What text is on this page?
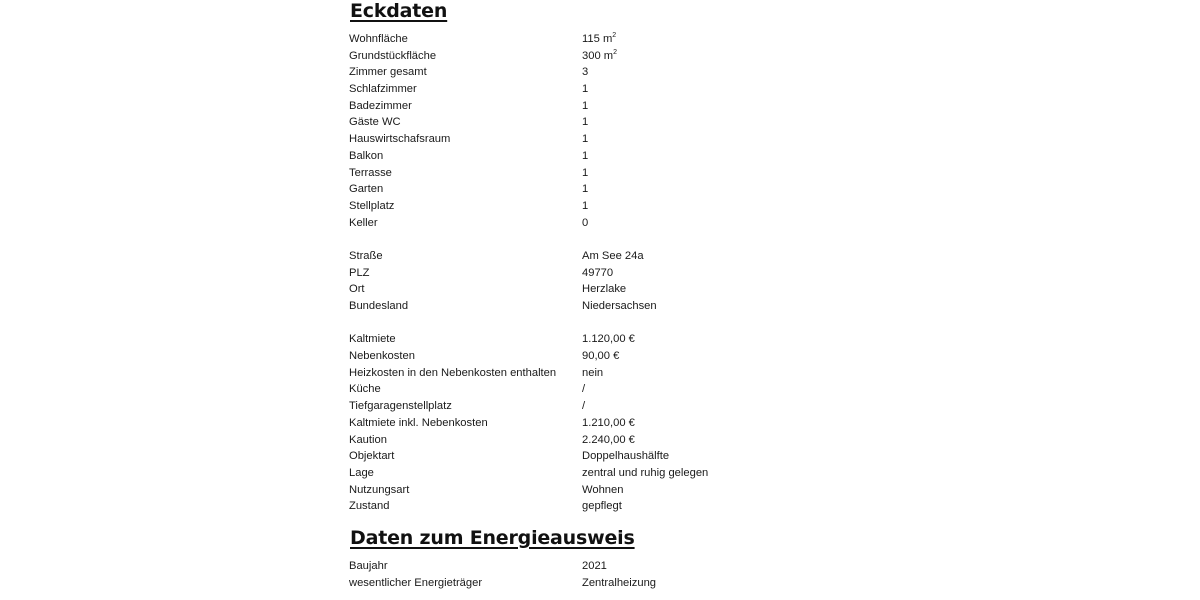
Eckdaten
Wohnfläche	115 $m^2$
Grundstückfläche	300 $m^2$
Zimmer gesamt	3
Schlafzimmer	1
Badezimmer	1
Gäste WC	1
Hauswirtschafsraum	1
Balkon	1
Terrasse	1
Garten	1
Stellplatz	1
Keller	0
Straße	Am See 24a
PLZ	49770
Ort	Herzlake
Bundesland	Niedersachsen
Kaltmiete	1.120,00 €
Nebenkosten	90,00 €
Heizkosten in den Nebenkosten enthalten	nein
Küche	/
Tiefgaragenstellplatz	/
Kaltmiete inkl. Nebenkosten	1.210,00 €
Kaution	2.240,00 €
Objektart	Doppelhaushälfte
Lage	zentral und ruhig gelegen
Nutzungsart	Wohnen
Zustand	gepflegt
Daten zum Energieausweis
Baujahr	2021
wesentlicher Energieträger	Zentralheizung
